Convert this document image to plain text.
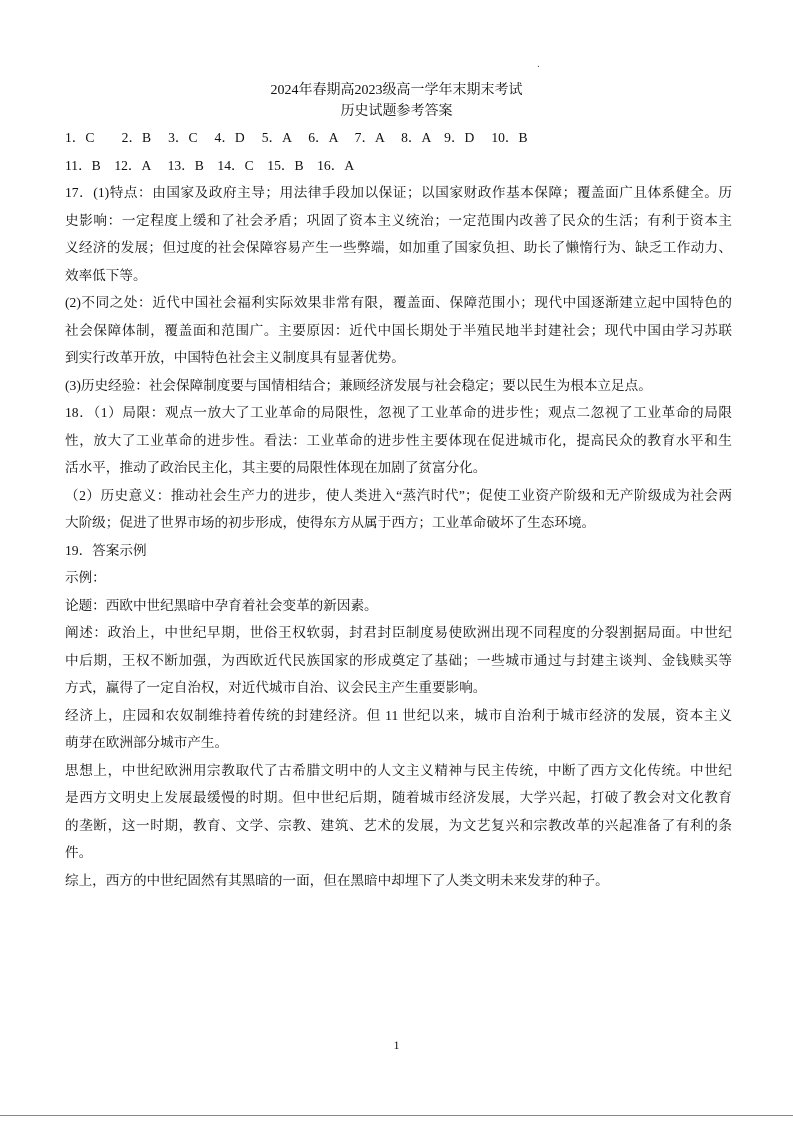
.
2024年春期高2023级高一学年末期末考试
历史试题参考答案
1．C　　2．B　 3．C　 4．D　 5．A　 6．A　 7．A　 8．A　9．D　 10．B
11．B　12．A　 13．B　14．C　15．B　16．A
17．(1)特点：由国家及政府主导；用法律手段加以保证；以国家财政作基本保障；覆盖面广且体系健全。历
史影响：一定程度上缓和了社会矛盾；巩固了资本主义统治；一定范围内改善了民众的生活；有利于资本主
义经济的发展；但过度的社会保障容易产生一些弊端，如加重了国家负担、助长了懒惰行为、缺乏工作动力、
效率低下等。
(2)不同之处：近代中国社会福利实际效果非常有限，覆盖面、保障范围小；现代中国逐渐建立起中国特色的
社会保障体制，覆盖面和范围广。主要原因：近代中国长期处于半殖民地半封建社会；现代中国由学习苏联
到实行改革开放，中国特色社会主义制度具有显著优势。
(3)历史经验：社会保障制度要与国情相结合；兼顾经济发展与社会稳定；要以民生为根本立足点。
18．（1）局限：观点一放大了工业革命的局限性，忽视了工业革命的进步性；观点二忽视了工业革命的局限
性，放大了工业革命的进步性。看法：工业革命的进步性主要体现在促进城市化，提高民众的教育水平和生
活水平，推动了政治民主化，其主要的局限性体现在加剧了贫富分化。
（2）历史意义：推动社会生产力的进步，使人类进入“蒸汽时代”；促使工业资产阶级和无产阶级成为社会两
大阶级；促进了世界市场的初步形成，使得东方从属于西方；工业革命破坏了生态环境。
19．答案示例
示例：
论题：西欧中世纪黑暗中孕育着社会变革的新因素。
阐述：政治上，中世纪早期，世俗王权软弱，封君封臣制度易使欧洲出现不同程度的分裂割据局面。中世纪
中后期，王权不断加强，为西欧近代民族国家的形成奠定了基础；一些城市通过与封建主谈判、金钱赎买等
方式，赢得了一定自治权，对近代城市自治、议会民主产生重要影响。
经济上，庄园和农奴制维持着传统的封建经济。但 11 世纪以来，城市自治利于城市经济的发展，资本主义
萌芽在欧洲部分城市产生。
思想上，中世纪欧洲用宗教取代了古希腊文明中的人文主义精神与民主传统，中断了西方文化传统。中世纪
是西方文明史上发展最缓慢的时期。但中世纪后期，随着城市经济发展，大学兴起，打破了教会对文化教育
的垄断，这一时期，教育、文学、宗教、建筑、艺术的发展，为文艺复兴和宗教改革的兴起准备了有利的条
件。
综上，西方的中世纪固然有其黑暗的一面，但在黑暗中却埋下了人类文明未来发芽的种子。
1
